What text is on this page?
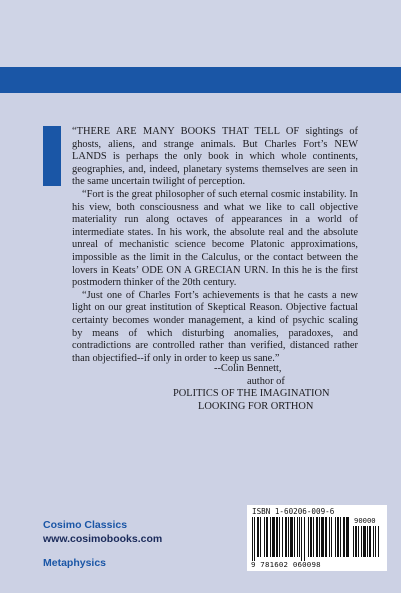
“THERE ARE MANY BOOKS THAT TELL OF sightings of ghosts, aliens, and strange animals. But Charles Fort’s NEW LANDS is perhaps the only book in which whole continents, geographies, and, indeed, planetary systems themselves are seen in the same uncertain twilight of perception.

“Fort is the great philosopher of such eternal cosmic instability. In his view, both consciousness and what we like to call objective materiality run along octaves of appearances in a world of intermediate states. In his work, the absolute real and the absolute unreal of mechanistic science become Platonic approximations, impossible as the limit in the Calculus, or the contact between the lovers in Keats’ ODE ON A GRECIAN URN. In this he is the first postmodern thinker of the 20th century.

“Just one of Charles Fort’s achievements is that he casts a new light on our great institution of Skeptical Reason. Objective factual certainty becomes wonder management, a kind of psychic scaling by means of which disturbing anomalies, paradoxes, and contradictions are controlled rather than verified, distanced rather than objectified--if only in order to keep us sane.”

--Colin Bennett,
author of
POLITICS OF THE IMAGINATION
LOOKING FOR ORTHON
Cosimo Classics
www.cosimobooks.com
Metaphysics
ISBN 1-60206-009-6
90000
9 781602 060098
